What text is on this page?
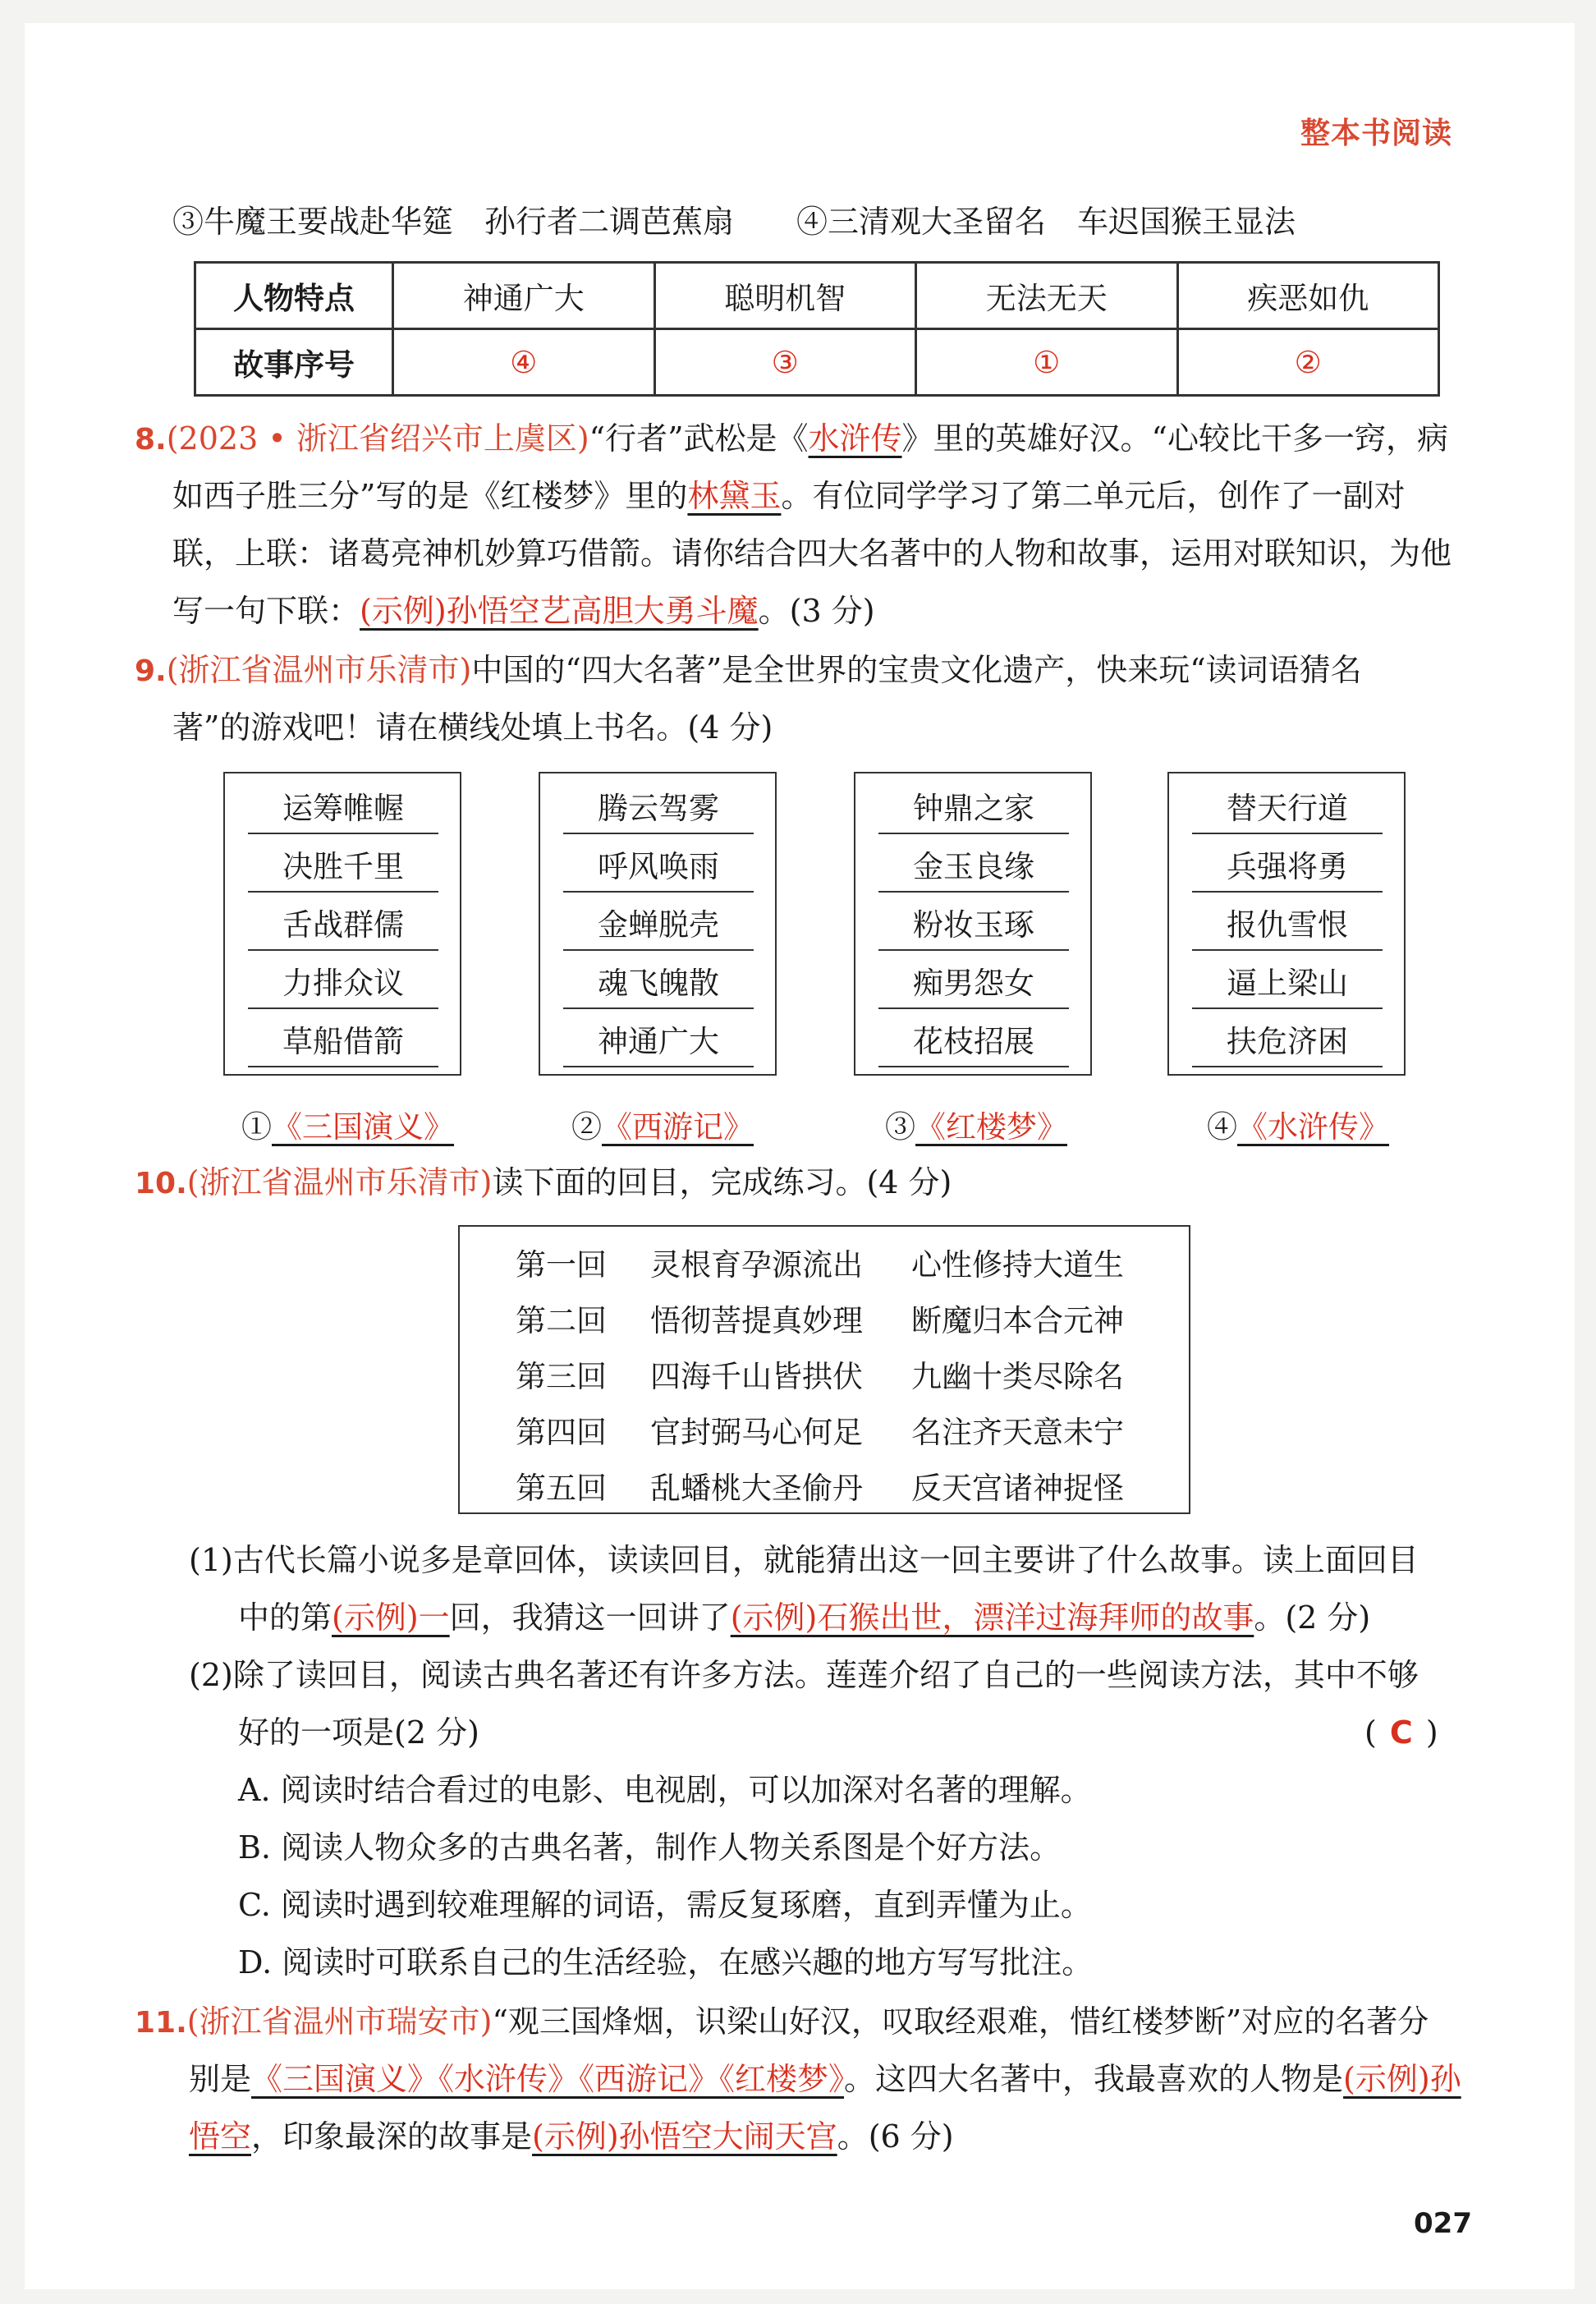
整本书阅读
③牛魔王要战赴华筵　孙行者二调芭蕉扇　　④三清观大圣留名　车迟国猴王显法
人物特点	神通广大	聪明机智	无法无天	疾恶如仇
故事序号	④	③	①	②
8.(2023 • 浙江省绍兴市上虞区)“行者”武松是《水浒传》里的英雄好汉。“心较比干多一窍，病
如西子胜三分”写的是《红楼梦》里的林黛玉。有位同学学习了第二单元后，创作了一副对
联，上联：诸葛亮神机妙算巧借箭。请你结合四大名著中的人物和故事，运用对联知识，为他
写一句下联：(示例)孙悟空艺高胆大勇斗魔。(3 分)
9.(浙江省温州市乐清市)中国的“四大名著”是全世界的宝贵文化遗产，快来玩“读词语猜名
著”的游戏吧！请在横线处填上书名。(4 分)
运筹帷幄
决胜千里
舌战群儒
力排众议
草船借箭
腾云驾雾
呼风唤雨
金蝉脱壳
魂飞魄散
神通广大
钟鼎之家
金玉良缘
粉妆玉琢
痴男怨女
花枝招展
替天行道
兵强将勇
报仇雪恨
逼上梁山
扶危济困
①《三国演义》	②《西游记》	③《红楼梦》	④《水浒传》
10.(浙江省温州市乐清市)读下面的回目，完成练习。(4 分)
第一回 灵根育孕源流出 心性修持大道生
第二回 悟彻菩提真妙理 断魔归本合元神
第三回 四海千山皆拱伏 九幽十类尽除名
第四回 官封弼马心何足 名注齐天意未宁
第五回 乱蟠桃大圣偷丹 反天宫诸神捉怪
(1)古代长篇小说多是章回体，读读回目，就能猜出这一回主要讲了什么故事。读上面回目
中的第(示例)一回，我猜这一回讲了(示例)石猴出世，漂洋过海拜师的故事。(2 分)
(2)除了读回目，阅读古典名著还有许多方法。莲莲介绍了自己的一些阅读方法，其中不够
好的一项是(2 分)	( C )
A. 阅读时结合看过的电影、电视剧，可以加深对名著的理解。
B. 阅读人物众多的古典名著，制作人物关系图是个好方法。
C. 阅读时遇到较难理解的词语，需反复琢磨，直到弄懂为止。
D. 阅读时可联系自己的生活经验，在感兴趣的地方写写批注。
11.(浙江省温州市瑞安市)“观三国烽烟，识梁山好汉，叹取经艰难，惜红楼梦断”对应的名著分
别是《三国演义》《水浒传》《西游记》《红楼梦》。这四大名著中，我最喜欢的人物是(示例)孙
悟空，印象最深的故事是(示例)孙悟空大闹天宫。(6 分)
027
